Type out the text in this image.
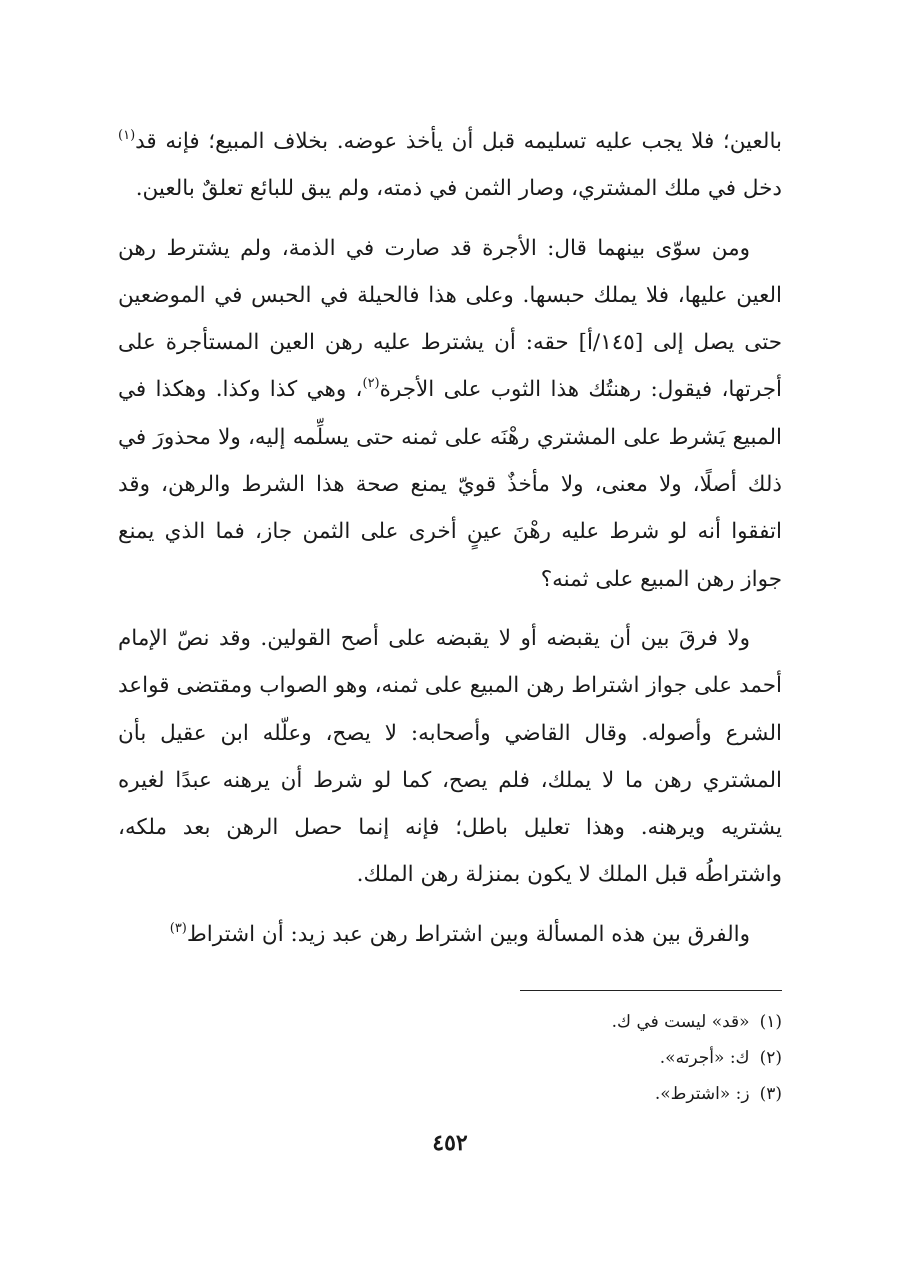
بالعين؛ فلا يجب عليه تسليمه قبل أن يأخذ عوضه. بخلاف المبيع؛ فإنه قد$^{(١)}$ دخل في ملك المشتري، وصار الثمن في ذمته، ولم يبق للبائع تعلقٌ بالعين.

ومن سوّى بينهما قال: الأجرة قد صارت في الذمة، ولم يشترط رهن العين عليها، فلا يملك حبسها. وعلى هذا فالحيلة في الحبس في الموضعين حتى يصل إلى [١٤٥/أ] حقه: أن يشترط عليه رهن العين المستأجرة على أجرتها، فيقول: رهنتُك هذا الثوب على الأجرة$^{(٢)}$، وهي كذا وكذا. وهكذا في المبيع يَشرط على المشتري رهْنَه على ثمنه حتى يسلِّمه إليه، ولا محذورَ في ذلك أصلًا، ولا معنى، ولا مأخذٌ قويّ يمنع صحة هذا الشرط والرهن، وقد اتفقوا أنه لو شرط عليه رهْنَ عينٍ أخرى على الثمن جاز، فما الذي يمنع جواز رهن المبيع على ثمنه؟

ولا فرقَ بين أن يقبضه أو لا يقبضه على أصح القولين. وقد نصّ الإمام أحمد على جواز اشتراط رهن المبيع على ثمنه، وهو الصواب ومقتضى قواعد الشرع وأصوله. وقال القاضي وأصحابه: لا يصح، وعلّله ابن عقيل بأن المشتري رهن ما لا يملك، فلم يصح، كما لو شرط أن يرهنه عبدًا لغيره يشتريه ويرهنه. وهذا تعليل باطل؛ فإنه إنما حصل الرهن بعد ملكه، واشتراطُه قبل الملك لا يكون بمنزلة رهن الملك.

والفرق بين هذه المسألة وبين اشتراط رهن عبد زيد: أن اشتراط$^{(٣)}$

(١)«قد» ليست في ك.

(٢)ك: «أجرته».

(٣)ز: «اشترط».

٤٥٢
